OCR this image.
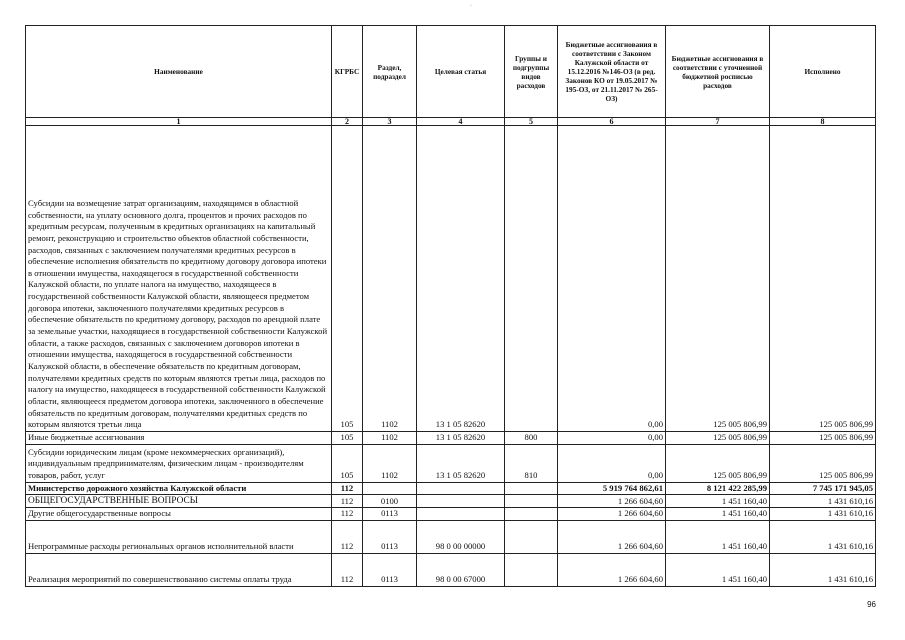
·
Наименование	КГРБС	Раздел, подраздел	Целевая статья	Группы и подгруппы видов расходов	Бюджетные ассигнования в соответствии с Законом Калужской области от 15.12.2016 №146-ОЗ (в ред. Законов КО от 19.05.2017 № 195-ОЗ, от 21.11.2017 № 265-ОЗ)	Бюджетные ассигнования в соответствии с уточненной бюджетной росписью расходов	Исполнено
1	2	3	4	5	6	7	8
Субсидии на возмещение затрат организациям, находящимся в областной собственности, на уплату основного долга, процентов и прочих расходов по кредитным ресурсам, полученным в кредитных организациях на капитальный ремонт, реконструкцию и строительство объектов областной собственности, расходов, связанных с заключением получателями кредитных ресурсов в обеспечение исполнения обязательств по кредитному договору договора ипотеки в отношении имущества, находящегося в государственной собственности Калужской области, по уплате налога на имущество, находящееся в государственной собственности Калужской области, являющееся предметом договора ипотеки, заключенного получателями кредитных ресурсов в обеспечение обязательств по кредитному договору, расходов по арендной плате за земельные участки, находящиеся в государственной собственности Калужской области, а также расходов, связанных с заключением договоров ипотеки в отношении имущества, находящегося в государственной собственности Калужской области, в обеспечение обязательств по кредитным договорам, получателями кредитных средств по которым являются третьи лица, расходов по налогу на имущество, находящееся в государственной собственности Калужской области, являющееся предметом договора ипотеки, заключенного в обеспечение обязательств по кредитным договорам, получателями кредитных средств по которым являются третьи лица	105	1102	13 1 05 82620		0,00	125 005 806,99	125 005 806,99
Иные бюджетные ассигнования	105	1102	13 1 05 82620	800	0,00	125 005 806,99	125 005 806,99
Субсидии юридическим лицам (кроме некоммерческих организаций), индивидуальным предпринимателям, физическим лицам - производителям товаров, работ, услуг	105	1102	13 1 05 82620	810	0,00	125 005 806,99	125 005 806,99
Министерство дорожного хозяйства Калужской области	112				5 919 764 862,61	8 121 422 285,99	7 745 171 945,05
ОБЩЕГОСУДАРСТВЕННЫЕ ВОПРОСЫ	112	0100			1 266 604,60	1 451 160,40	1 431 610,16
Другие общегосударственные вопросы	112	0113			1 266 604,60	1 451 160,40	1 431 610,16
Непрограммные расходы региональных органов исполнительной власти	112	0113	98 0 00 00000		1 266 604,60	1 451 160,40	1 431 610,16
Реализация мероприятий по совершенствованию системы оплаты труда	112	0113	98 0 00 67000		1 266 604,60	1 451 160,40	1 431 610,16
96
